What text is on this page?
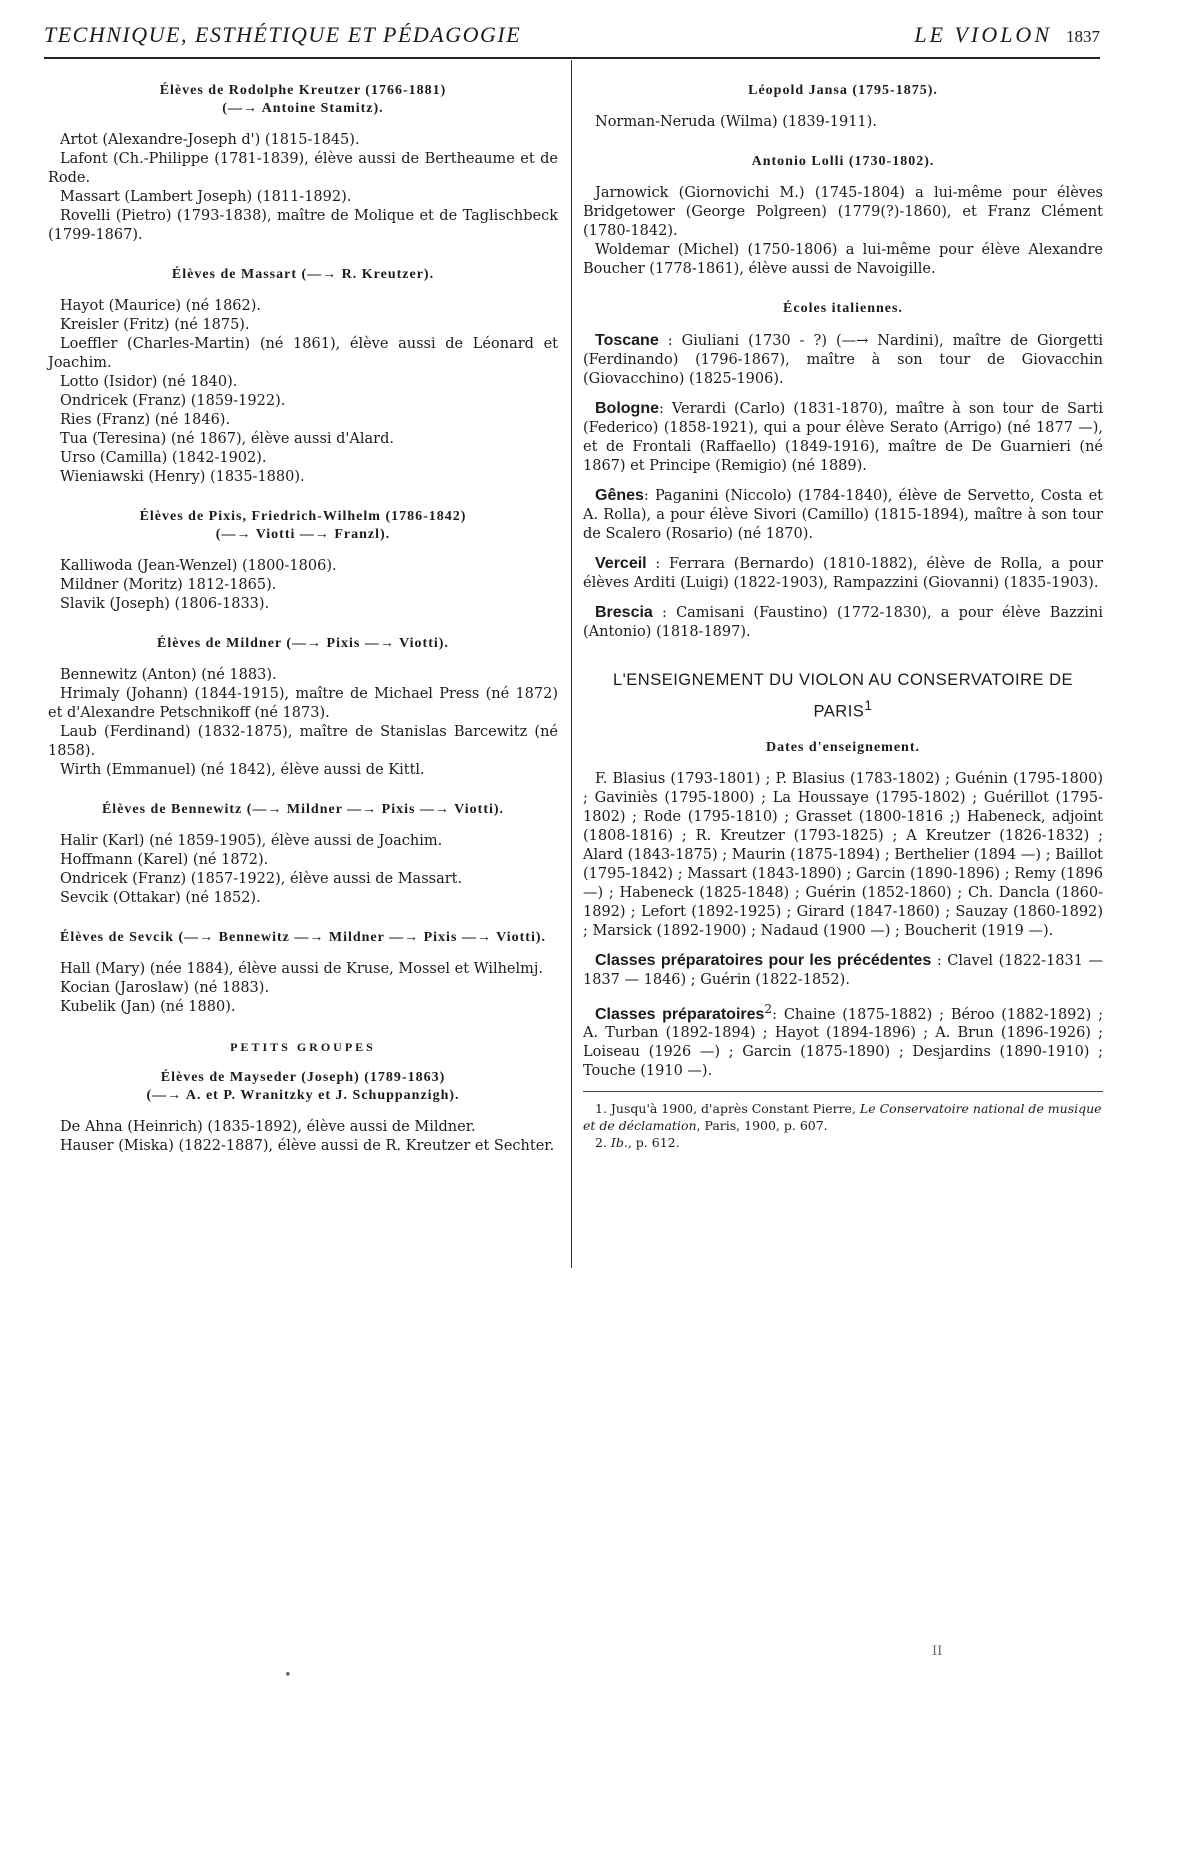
TECHNIQUE, ESTHÉTIQUE ET PÉDAGOGIE	LE VIOLON 1837
Élèves de Rodolphe Kreutzer (1766-1881)
(—→ Antoine Stamitz).

Artot (Alexandre-Joseph d') (1815-1845).

Lafont (Ch.-Philippe (1781-1839), élève aussi de Bertheaume et de Rode.

Massart (Lambert Joseph) (1811-1892).

Rovelli (Pietro) (1793-1838), maître de Molique et de Taglischbeck (1799-1867).

Élèves de Massart (—→ R. Kreutzer).

Hayot (Maurice) (né 1862).

Kreisler (Fritz) (né 1875).

Loeffler (Charles-Martin) (né 1861), élève aussi de Léonard et Joachim.

Lotto (Isidor) (né 1840).

Ondricek (Franz) (1859-1922).

Ries (Franz) (né 1846).

Tua (Teresina) (né 1867), élève aussi d'Alard.

Urso (Camilla) (1842-1902).

Wieniawski (Henry) (1835-1880).

Élèves de Pixis, Friedrich-Wilhelm (1786-1842)
(—→ Viotti —→ Franzl).

Kalliwoda (Jean-Wenzel) (1800-1806).

Mildner (Moritz) 1812-1865).

Slavik (Joseph) (1806-1833).

Élèves de Mildner (—→ Pixis —→ Viotti).

Bennewitz (Anton) (né 1883).

Hrimaly (Johann) (1844-1915), maître de Michael Press (né 1872) et d'Alexandre Petschnikoff (né 1873).

Laub (Ferdinand) (1832-1875), maître de Stanislas Barcewitz (né 1858).

Wirth (Emmanuel) (né 1842), élève aussi de Kittl.

Élèves de Bennewitz (—→ Mildner —→ Pixis —→ Viotti).

Halir (Karl) (né 1859-1905), élève aussi de Joachim.

Hoffmann (Karel) (né 1872).

Ondricek (Franz) (1857-1922), élève aussi de Massart.

Sevcik (Ottakar) (né 1852).

Élèves de Sevcik (—→ Bennewitz —→ Mildner —→ Pixis —→ Viotti).

Hall (Mary) (née 1884), élève aussi de Kruse, Mossel et Wilhelmj.

Kocian (Jaroslaw) (né 1883).

Kubelik (Jan) (né 1880).

PETITS GROUPES
Élèves de Mayseder (Joseph) (1789-1863)
(—→ A. et P. Wranitzky et J. Schuppanzigh).

De Ahna (Heinrich) (1835-1892), élève aussi de Mildner.

Hauser (Miska) (1822-1887), élève aussi de R. Kreutzer et Sechter.

Léopold Jansa (1795-1875).

Norman-Neruda (Wilma) (1839-1911).

Antonio Lolli (1730-1802).

Jarnowick (Giornovichi M.) (1745-1804) a lui-même pour élèves Bridgetower (George Polgreen) (1779(?)-1860), et Franz Clément (1780-1842).

Woldemar (Michel) (1750-1806) a lui-même pour élève Alexandre Boucher (1778-1861), élève aussi de Navoigille.

Écoles italiennes.

Toscane : Giuliani (1730 - ?) (—→ Nardini), maître de Giorgetti (Ferdinando) (1796-1867), maître à son tour de Giovacchin (Giovacchino) (1825-1906).

Bologne: Verardi (Carlo) (1831-1870), maître à son tour de Sarti (Federico) (1858-1921), qui a pour élève Serato (Arrigo) (né 1877 —), et de Frontali (Raffaello) (1849-1916), maître de De Guarnieri (né 1867) et Principe (Remigio) (né 1889).

Gênes: Paganini (Niccolo) (1784-1840), élève de Servetto, Costa et A. Rolla), a pour élève Sivori (Camillo) (1815-1894), maître à son tour de Scalero (Rosario) (né 1870).

Verceil : Ferrara (Bernardo) (1810-1882), élève de Rolla, a pour élèves Arditi (Luigi) (1822-1903), Rampazzini (Giovanni) (1835-1903).

Brescia : Camisani (Faustino) (1772-1830), a pour élève Bazzini (Antonio) (1818-1897).

L'ENSEIGNEMENT DU VIOLON AU CONSERVATOIRE DE PARIS$^1$
Dates d'enseignement.

F. Blasius (1793-1801) ; P. Blasius (1783-1802) ; Guénin (1795-1800) ; Gaviniès (1795-1800) ; La Houssaye (1795-1802) ; Guérillot (1795-1802) ; Rode (1795-1810) ; Grasset (1800-1816 ;) Habeneck, adjoint (1808-1816) ; R. Kreutzer (1793-1825) ; A Kreutzer (1826-1832) ; Alard (1843-1875) ; Maurin (1875-1894) ; Berthelier (1894 —) ; Baillot (1795-1842) ; Massart (1843-1890) ; Garcin (1890-1896) ; Remy (1896 —) ; Habeneck (1825-1848) ; Guérin (1852-1860) ; Ch. Dancla (1860-1892) ; Lefort (1892-1925) ; Girard (1847-1860) ; Sauzay (1860-1892) ; Marsick (1892-1900) ; Nadaud (1900 —) ; Boucherit (1919 —).

Classes préparatoires pour les précédentes : Clavel (1822-1831 — 1837 — 1846) ; Guérin (1822-1852).

Classes préparatoires$^2$: Chaine (1875-1882) ; Béroo (1882-1892) ; A. Turban (1892-1894) ; Hayot (1894-1896) ; A. Brun (1896-1926) ; Loiseau (1926 —) ; Garcin (1875-1890) ; Desjardins (1890-1910) ; Touche (1910 —).

1. Jusqu'à 1900, d'après Constant Pierre, Le Conservatoire national de musique et de déclamation, Paris, 1900, p. 607.

2. Ib., p. 612.

•
II
